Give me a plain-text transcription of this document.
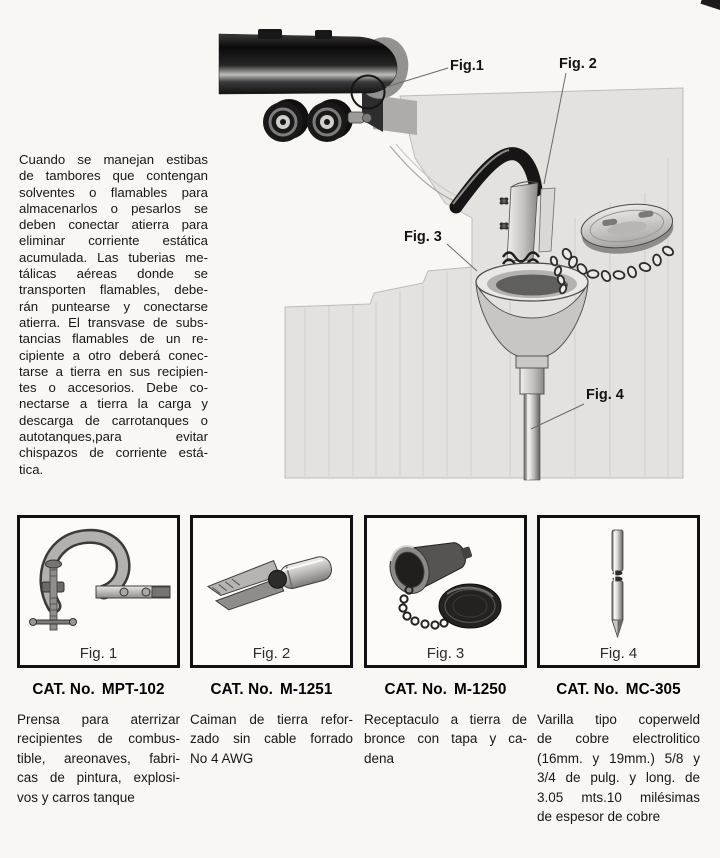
Cuando se manejan estibas
de tambores que contengan
solventes o flamables para
almacenarlos o pesarlos se
deben conectar atierra para
eliminar corriente estática
acumulada. Las tuberias me-
tálicas aéreas donde se
transporten flamables, debe-
rán puntearse y conectarse
atierra. El transvase de subs-
tancias flamables de un re-
cipiente a otro deberá conec-
tarse a tierra en sus recipien-
tes o accesorios. Debe co-
nectarse a tierra la carga y
descarga de carrotanques o
autotanques,para evitar
chispazos de corriente está-
tica.
Fig.1	Fig. 2
Fig. 3
Fig. 4
Fig. 1
CAT. No. MPT-102
Prensa para aterrizar
recipientes de combus-
tible, areonaves, fabri-
cas de pintura, explosi-
vos y carros tanque
Fig. 2
CAT. No. M-1251
Caiman de tierra refor-
zado sin cable forrado
No 4 AWG
Fig. 3
CAT. No. M-1250
Receptaculo a tierra de
bronce con tapa y ca-
dena
Fig. 4
CAT. No. MC-305
Varilla tipo coperweld
de cobre electrolitico
(16mm. y 19mm.) 5/8 y
3/4 de pulg. y long. de
3.05 mts.10 milésimas
de espesor de cobre
